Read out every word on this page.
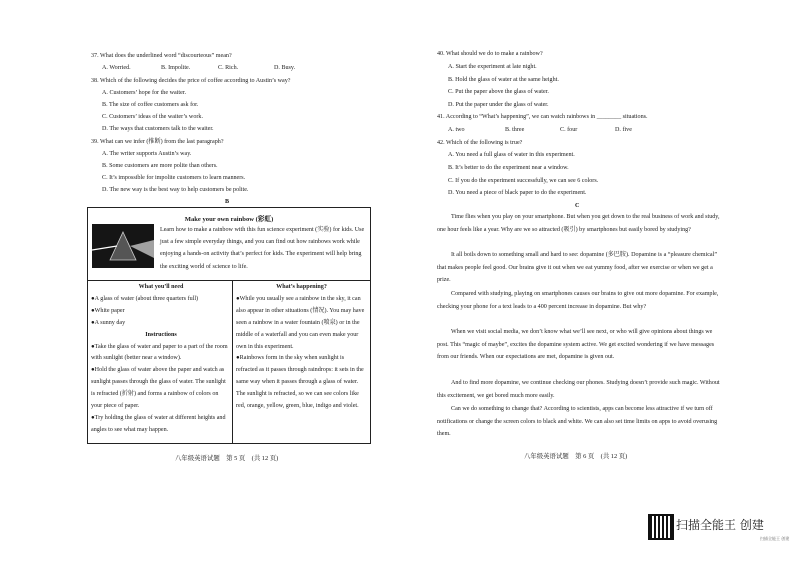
37. What does the underlined word “discourteous” mean?
A. Worried.	B. Impolite.	C. Rich.	D. Busy.
38. Which of the following decides the price of coffee according to Austin’s way?
A. Customers’ hope for the waiter.
B. The size of coffee customers ask for.
C. Customers’ ideas of the waiter’s work.
D. The ways that customers talk to the waiter.
39. What can we infer (推断) from the last paragraph?
A. The writer supports Austin’s way.
B. Some customers are more polite than others.
C. It’s impossible for impolite customers to learn manners.
D. The new way is the best way to help customers be polite.
B
Make your own rainbow (彩虹)
Learn how to make a rainbow with this fun science experiment (实验) for kids. Use just a few simple everyday things, and you can find out how rainbows work while enjoying a hands-on activity that’s perfect for kids. The experiment will help bring the exciting world of science to life.
What you’ll need
●A glass of water (about three quarters full)
●White paper
●A sunny day
Instructions
●Take the glass of water and paper to a part of the room with sunlight (better near a window).
●Hold the glass of water above the paper and watch as sunlight passes through the glass of water. The sunlight is refracted (折射) and forms a rainbow of colors on your piece of paper.
●Try holding the glass of water at different heights and angles to see what may happen.
What’s happening?
●While you usually see a rainbow in the sky, it can also appear in other situations (情况). You may have seen a rainbow in a water fountain (喷泉) or in the middle of a waterfall and you can even make your own in this experiment.
●Rainbows form in the sky when sunlight is refracted as it passes through raindrops: it sets in the same way when it passes through a glass of water. The sunlight is refracted, so we can see colors like red, orange, yellow, green, blue, indigo and violet.
八年级英语试题　第 5 页　(共 12 页)
40. What should we do to make a rainbow?
A. Start the experiment at late night.
B. Hold the glass of water at the same height.
C. Put the paper above the glass of water.
D. Put the paper under the glass of water.
41. According to “What’s happening”, we can watch rainbows in ________ situations.
A. two	B. three	C. four	D. five
42. Which of the following is true?
A. You need a full glass of water in this experiment.
B. It’s better to do the experiment near a window.
C. If you do the experiment successfully, we can see 6 colors.
D. You need a piece of black paper to do the experiment.
C
Time flies when you play on your smartphone. But when you get down to the real business of work and study, one hour feels like a year. Why are we so attracted (吸引) by smartphones but easily bored by studying?
It all boils down to something small and hard to see: dopamine (多巴胺). Dopamine is a “pleasure chemical” that makes people feel good. Our brains give it out when we eat yummy food, after we exercise or when we get a prize.
Compared with studying, playing on smartphones causes our brains to give out more dopamine. For example, checking your phone for a text leads to a 400 percent increase in dopamine. But why?
When we visit social media, we don’t know what we’ll see next, or who will give opinions about things we post. This “magic of maybe”, excites the dopamine system active. We get excited wondering if we have messages from our friends. When our expectations are met, dopamine is given out.
And to find more dopamine, we continue checking our phones. Studying doesn’t provide such magic. Without this excitement, we get bored much more easily.
Can we do something to change that? According to scientists, apps can become less attractive if we turn off notifications or change the screen colors to black and white. We can also set time limits on apps to avoid overusing them.
八年级英语试题　第 6 页　(共 12 页)
扫描全能王 创建
扫描全能王 创建
